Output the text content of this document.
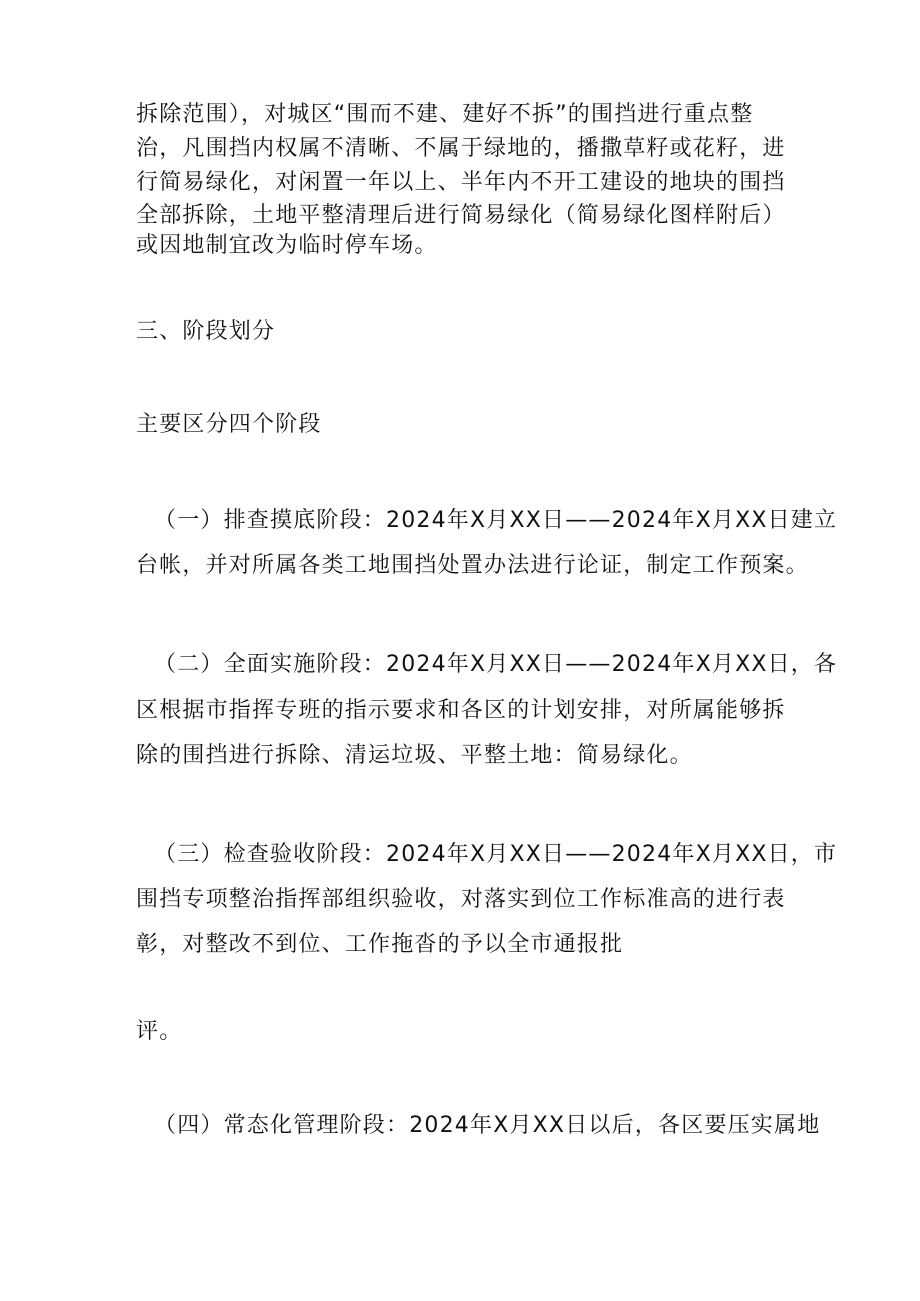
拆除范围），对城区“围而不建、建好不拆”的围挡进行重点整
治，凡围挡内权属不清晰、不属于绿地的，播撒草籽或花籽，进
行简易绿化，对闲置一年以上、半年内不开工建设的地块的围挡
全部拆除，土地平整清理后进行简易绿化（简易绿化图样附后）
或因地制宜改为临时停车场。
三、阶段划分
主要区分四个阶段
（一）排查摸底阶段：2024年X月XX日——2024年X月XX日建立
台帐，并对所属各类工地围挡处置办法进行论证，制定工作预案。
（二）全面实施阶段：2024年X月XX日——2024年X月XX日，各
区根据市指挥专班的指示要求和各区的计划安排，对所属能够拆
除的围挡进行拆除、清运垃圾、平整土地：简易绿化。
（三）检查验收阶段：2024年X月XX日——2024年X月XX日，市
围挡专项整治指挥部组织验收，对落实到位工作标准高的进行表
彰，对整改不到位、工作拖沓的予以全市通报批
评。
（四）常态化管理阶段：2024年X月XX日以后，各区要压实属地
